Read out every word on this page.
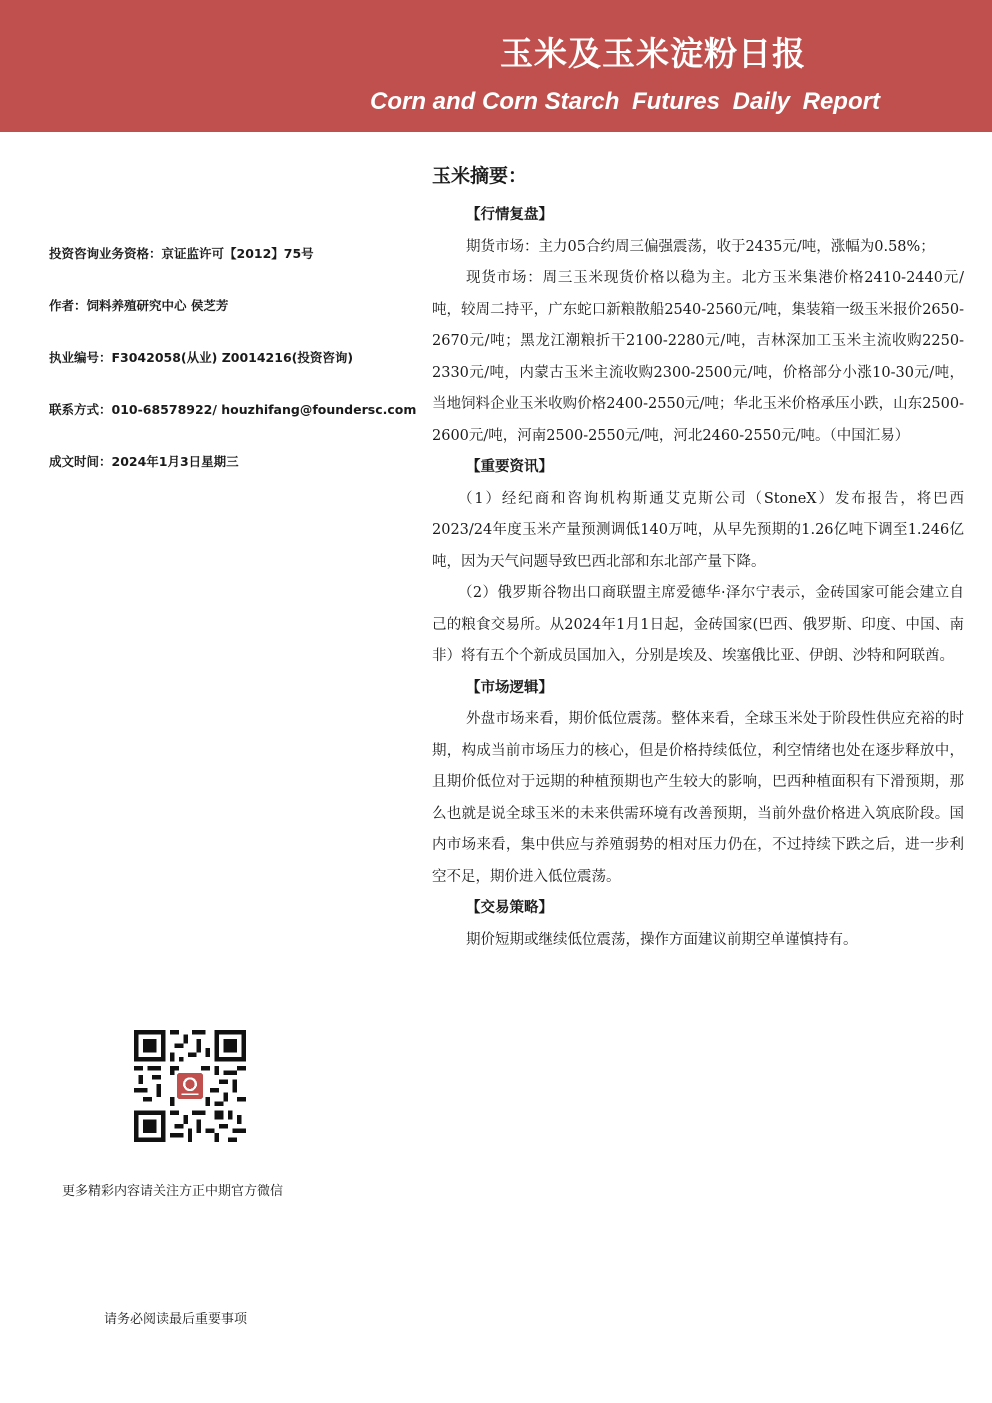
玉米及玉米淀粉日报
Corn and Corn Starch Futures Daily Report
投资咨询业务资格：京证监许可【2012】75号
作者：饲料养殖研究中心 侯芝芳
执业编号：F3042058(从业) Z0014216(投资咨询)
联系方式：010-68578922/ houzhifang@foundersc.com
成文时间：2024年1月3日星期三
更多精彩内容请关注方正中期官方微信
请务必阅读最后重要事项
玉米摘要：
【行情复盘】

期货市场：主力05合约周三偏强震荡，收于2435元/吨，涨幅为0.58%；

现货市场：周三玉米现货价格以稳为主。北方玉米集港价格2410-2440元/吨，较周二持平，广东蛇口新粮散船2540-2560元/吨，集装箱一级玉米报价2650-2670元/吨；黑龙江潮粮折干2100-2280元/吨，吉林深加工玉米主流收购2250-2330元/吨，内蒙古玉米主流收购2300-2500元/吨，价格部分小涨10-30元/吨，当地饲料企业玉米收购价格2400-2550元/吨；华北玉米价格承压小跌，山东2500-2600元/吨，河南2500-2550元/吨，河北2460-2550元/吨。（中国汇易）

【重要资讯】

（1）经纪商和咨询机构斯通艾克斯公司（StoneX）发布报告，将巴西2023/24年度玉米产量预测调低140万吨，从早先预期的1.26亿吨下调至1.246亿吨，因为天气问题导致巴西北部和东北部产量下降。

（2）俄罗斯谷物出口商联盟主席爱德华·泽尔宁表示，金砖国家可能会建立自己的粮食交易所。从2024年1月1日起，金砖国家(巴西、俄罗斯、印度、中国、南非）将有五个个新成员国加入，分别是埃及、埃塞俄比亚、伊朗、沙特和阿联酋。

【市场逻辑】

外盘市场来看，期价低位震荡。整体来看，全球玉米处于阶段性供应充裕的时期，构成当前市场压力的核心，但是价格持续低位，利空情绪也处在逐步释放中，且期价低位对于远期的种植预期也产生较大的影响，巴西种植面积有下滑预期，那么也就是说全球玉米的未来供需环境有改善预期，当前外盘价格进入筑底阶段。国内市场来看，集中供应与养殖弱势的相对压力仍在，不过持续下跌之后，进一步利空不足，期价进入低位震荡。

【交易策略】

期价短期或继续低位震荡，操作方面建议前期空单谨慎持有。
